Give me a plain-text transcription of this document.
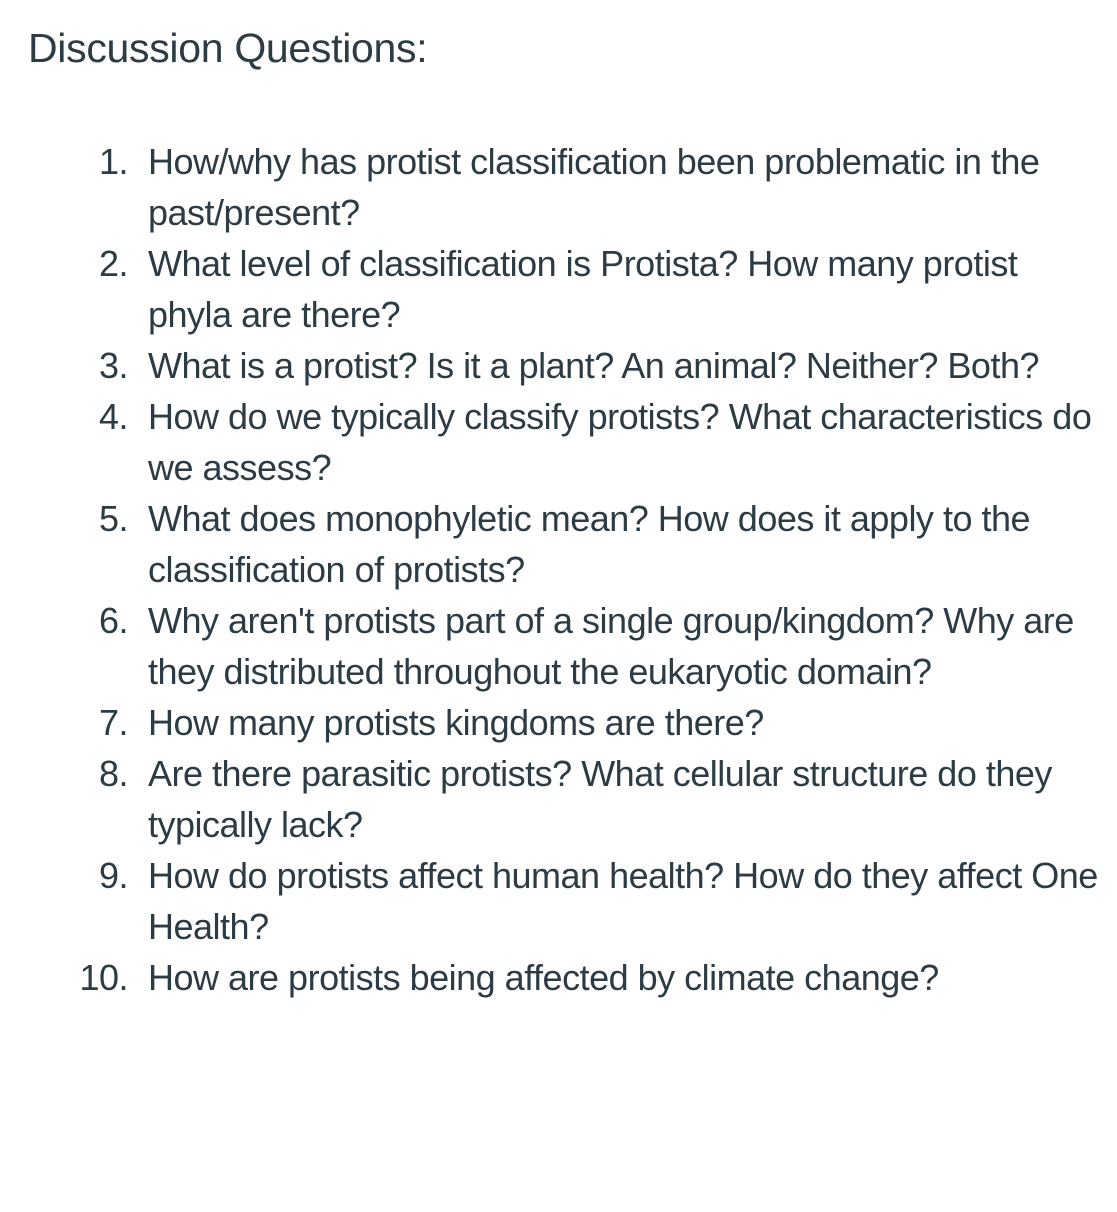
Discussion Questions:
1. How/why has protist classification been problematic in the past/present?
2. What level of classification is Protista? How many protist phyla are there?
3. What is a protist? Is it a plant? An animal? Neither? Both?
4. How do we typically classify protists? What characteristics do we assess?
5. What does monophyletic mean? How does it apply to the classification of protists?
6. Why aren't protists part of a single group/kingdom? Why are they distributed throughout the eukaryotic domain?
7. How many protists kingdoms are there?
8. Are there parasitic protists? What cellular structure do they typically lack?
9. How do protists affect human health? How do they affect One Health?
10. How are protists being affected by climate change?
